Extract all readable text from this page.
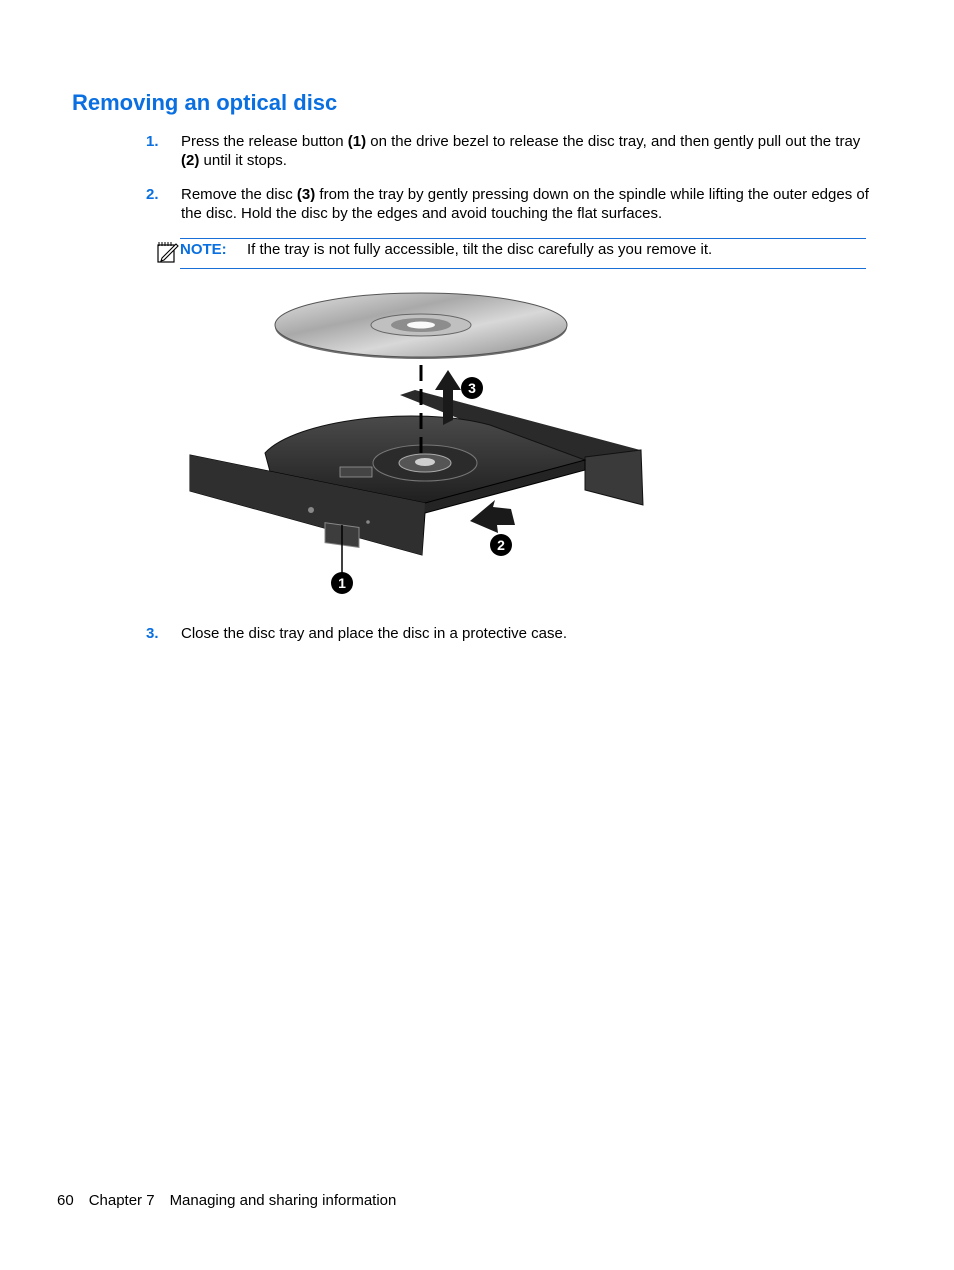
Removing an optical disc
1.	Press the release button (1) on the drive bezel to release the disc tray, and then gently pull out the tray (2) until it stops.
2.	Remove the disc (3) from the tray by gently pressing down on the spindle while lifting the outer edges of the disc. Hold the disc by the edges and avoid touching the flat surfaces.
NOTE: If the tray is not fully accessible, tilt the disc carefully as you remove it.
1
2
3
3.	Close the disc tray and place the disc in a protective case.
60 Chapter 7 Managing and sharing information
